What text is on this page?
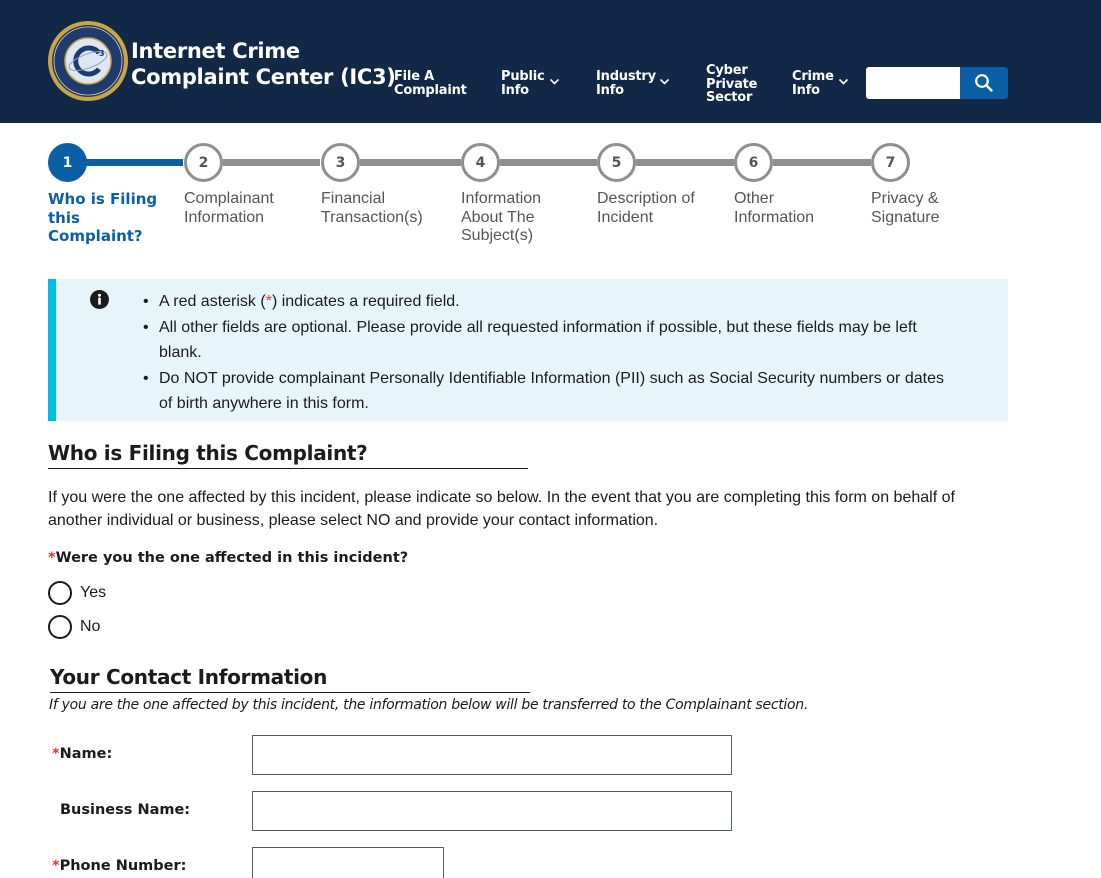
3 Internet Crime
Complaint Center (IC3)
File A
Complaint
Public
Info
Industry
Info
Cyber
Private
Sector
Crime
Info
1	2	3	4	5	6	7
Who is Filing this Complaint?
Complainant Information
Financial Transaction(s)
Information About The Subject(s)
Description of Incident
Other Information
Privacy & Signature
• A red asterisk (*) indicates a required field.
• All other fields are optional. Please provide all requested information if possible, but these fields may be left blank.
• Do NOT provide complainant Personally Identifiable Information (PII) such as Social Security numbers or dates of birth anywhere in this form.
Who is Filing this Complaint?
If you were the one affected by this incident, please indicate so below. In the event that you are completing this form on behalf of another individual or business, please select NO and provide your contact information.
*Were you the one affected in this incident?
Yes
No
Your Contact Information
If you are the one affected by this incident, the information below will be transferred to the Complainant section.
*Name:
Business Name:
*Phone Number:
